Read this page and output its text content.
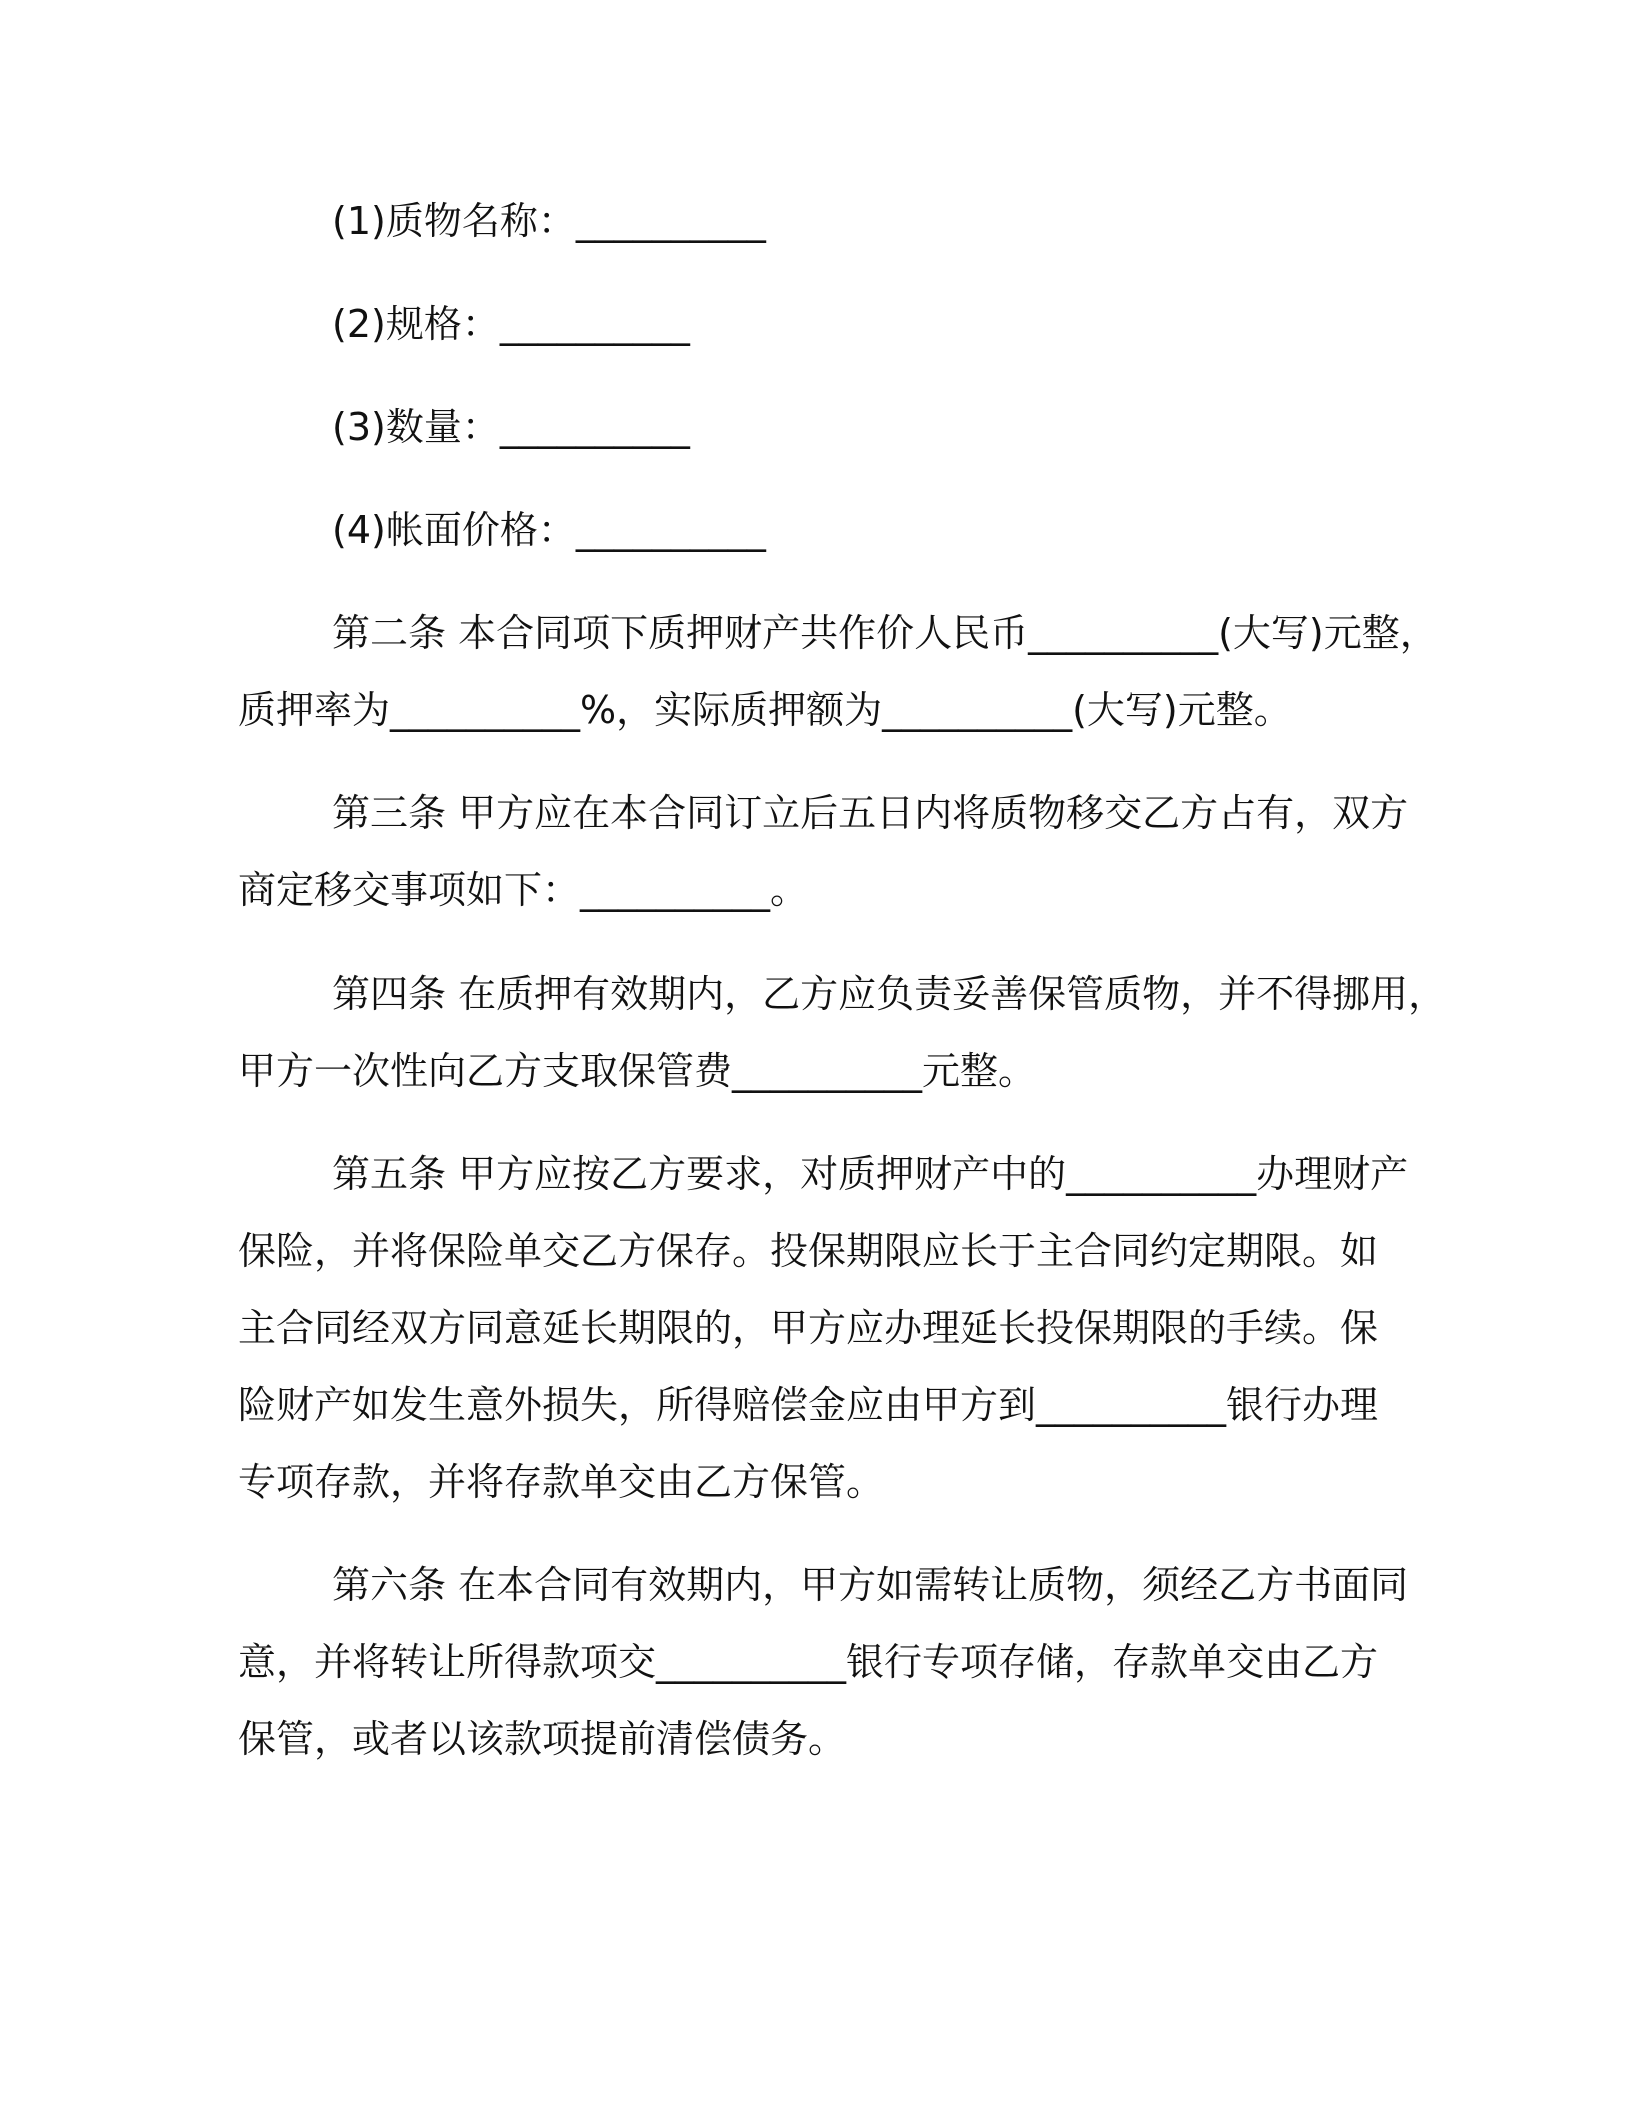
(1)质物名称：__________
(2)规格：__________
(3)数量：__________
(4)帐面价格：__________
第二条 本合同项下质押财产共作价人民币__________(大写)元整，
质押率为__________%，实际质押额为__________(大写)元整。
第三条 甲方应在本合同订立后五日内将质物移交乙方占有，双方
商定移交事项如下：__________。
第四条 在质押有效期内，乙方应负责妥善保管质物，并不得挪用，
甲方一次性向乙方支取保管费__________元整。
第五条 甲方应按乙方要求，对质押财产中的__________办理财产
保险，并将保险单交乙方保存。投保期限应长于主合同约定期限。如
主合同经双方同意延长期限的，甲方应办理延长投保期限的手续。保
险财产如发生意外损失，所得赔偿金应由甲方到__________银行办理
专项存款，并将存款单交由乙方保管。
第六条 在本合同有效期内，甲方如需转让质物，须经乙方书面同
意，并将转让所得款项交__________银行专项存储，存款单交由乙方
保管，或者以该款项提前清偿债务。
